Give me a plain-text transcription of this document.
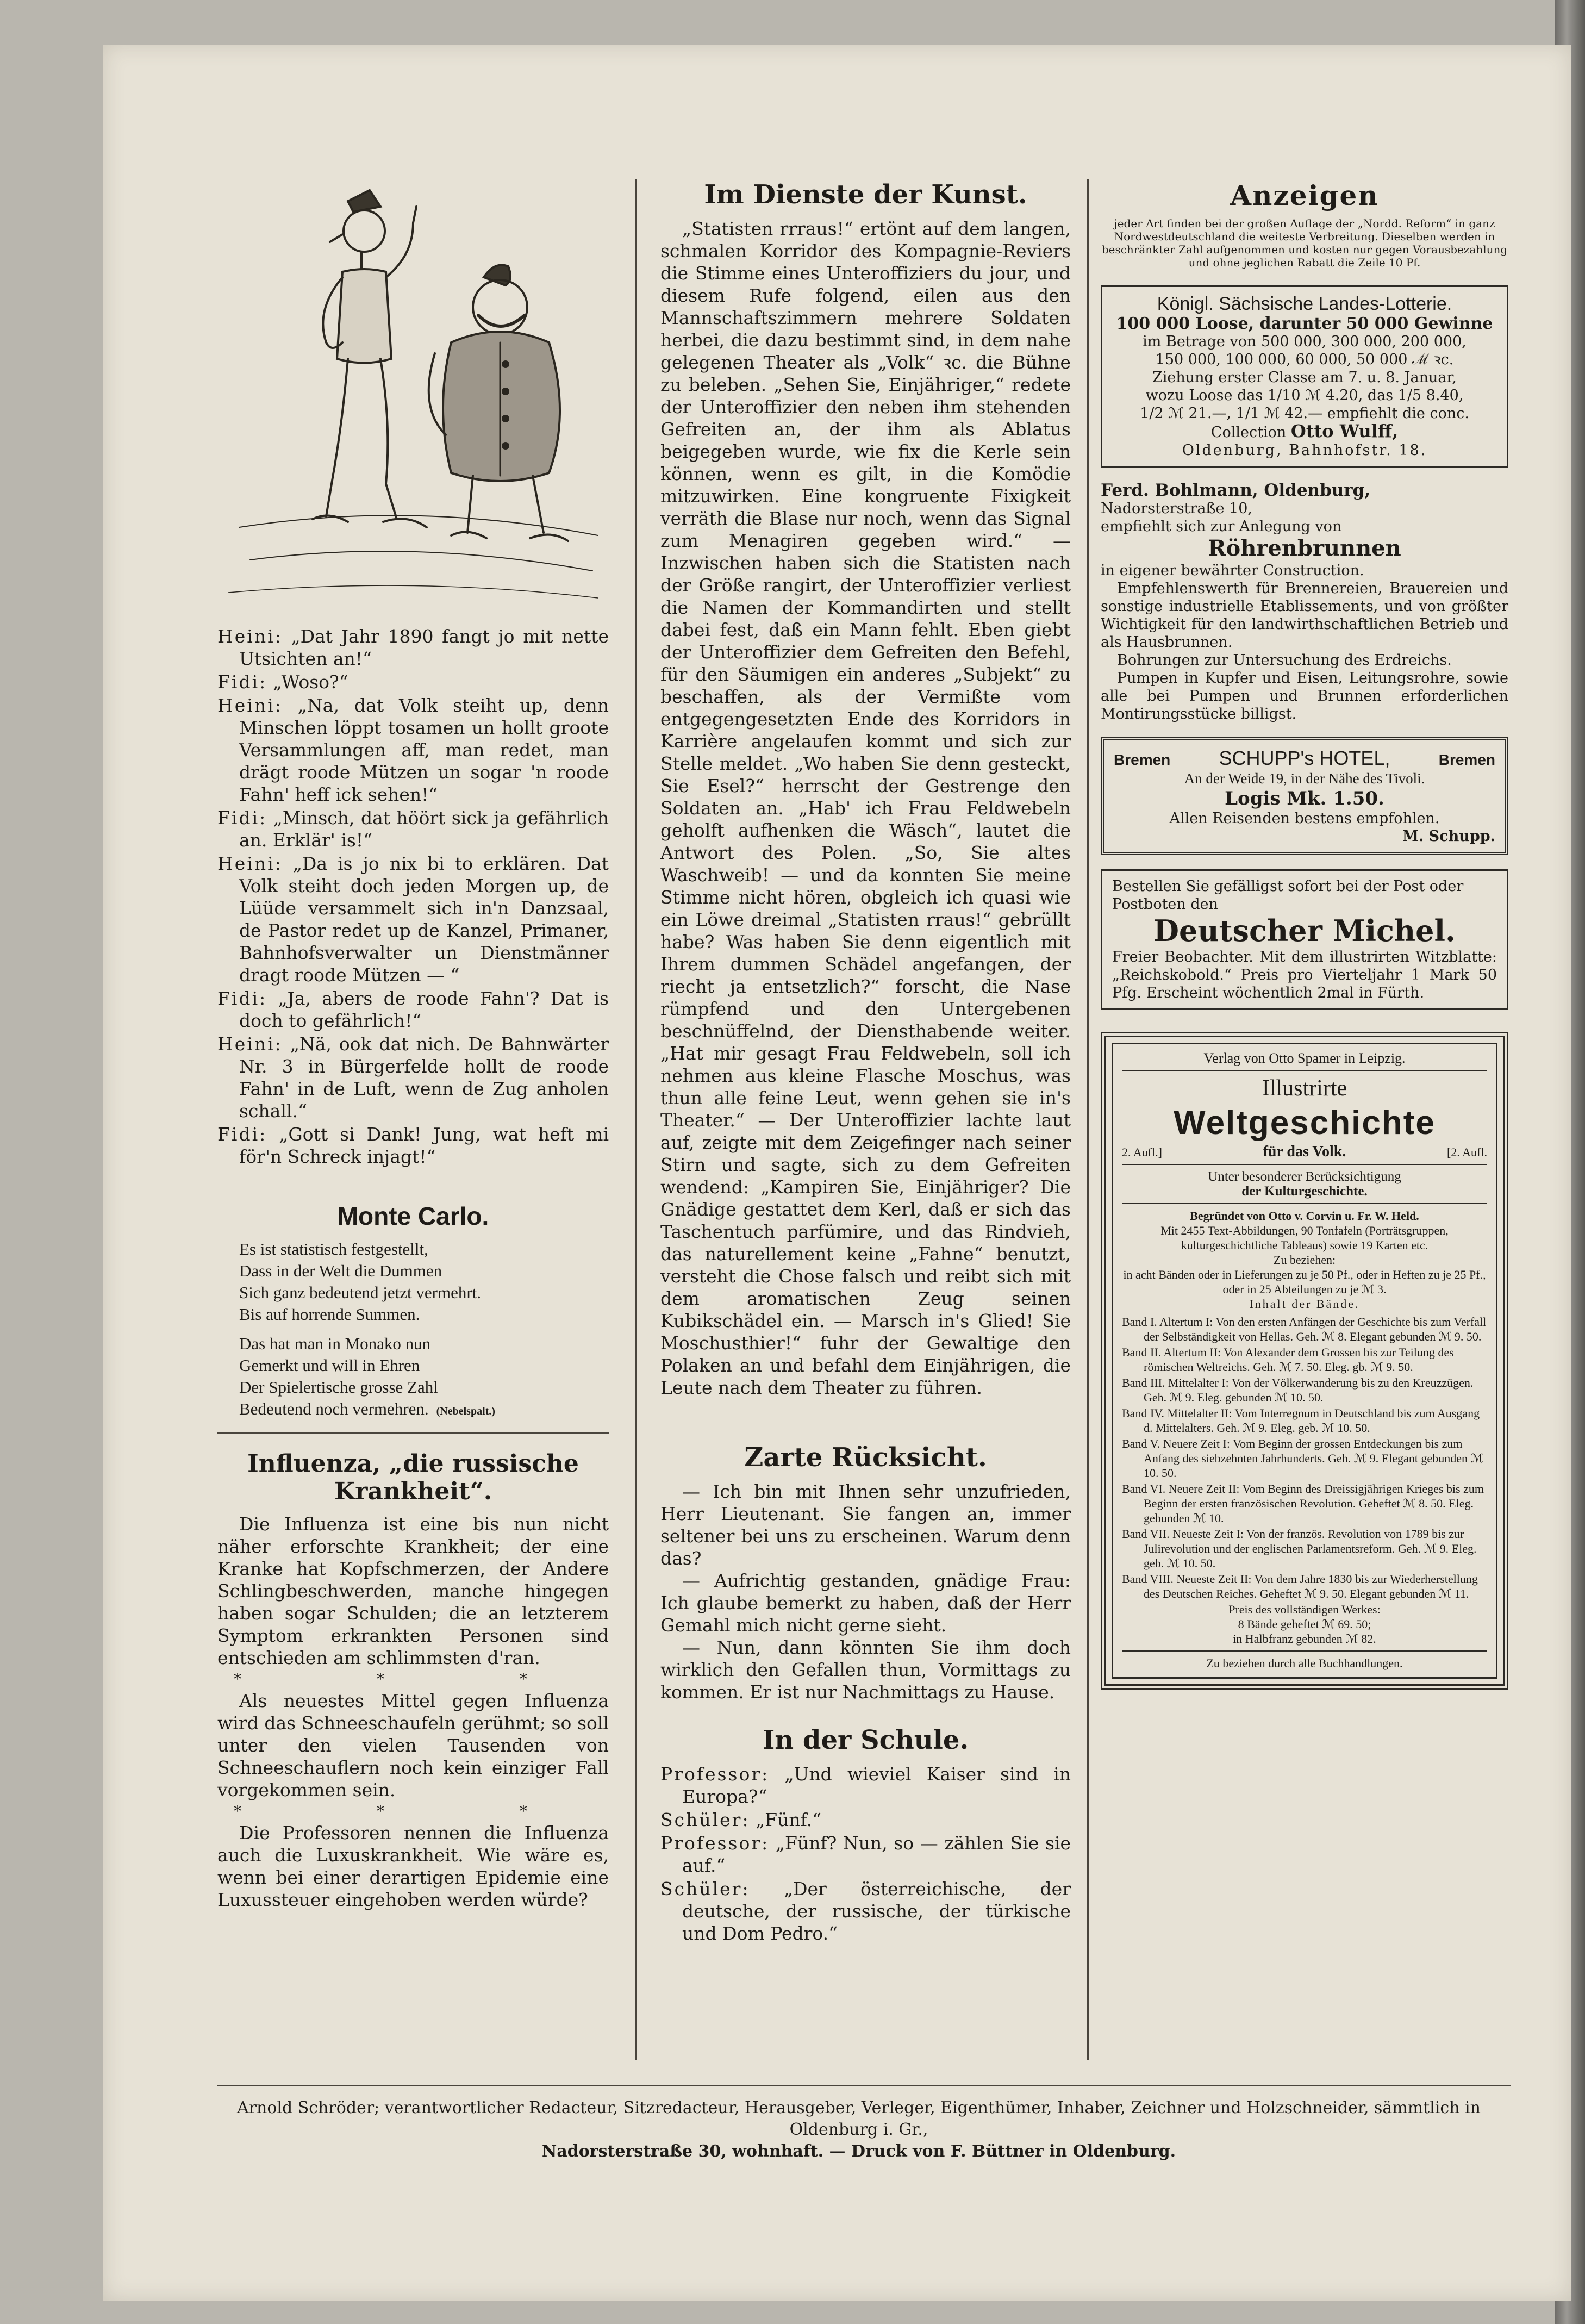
Heini: „Dat Jahr 1890 fangt jo mit nette Utsichten an!“
Fidi: „Woso?“
Heini: „Na, dat Volk steiht up, denn Minschen löppt tosamen un hollt groote Versammlungen aff, man redet, man drägt roode Mützen un sogar 'n roode Fahn' heff ick sehen!“
Fidi: „Minsch, dat höört sick ja gefährlich an. Erklär' is!“
Heini: „Da is jo nix bi to erklären. Dat Volk steiht doch jeden Morgen up, de Lüüde versammelt sich in'n Danzsaal, de Pastor redet up de Kanzel, Primaner, Bahnhofsverwalter un Dienstmänner dragt roode Mützen — “
Fidi: „Ja, abers de roode Fahn'? Dat is doch to gefährlich!“
Heini: „Nä, ook dat nich. De Bahnwärter Nr. 3 in Bürgerfelde hollt de roode Fahn' in de Luft, wenn de Zug anholen schall.“
Fidi: „Gott si Dank! Jung, wat heft mi för'n Schreck injagt!“
Monte Carlo.
Es ist statistisch festgestellt,
Dass in der Welt die Dummen
Sich ganz bedeutend jetzt vermehrt.
Bis auf horrende Summen.
Das hat man in Monako nun
Gemerkt und will in Ehren
Der Spielertische grosse Zahl
Bedeutend noch vermehren. (Nebelspalt.)
Influenza, „die russische Krankheit“.

Die Influenza ist eine bis nun nicht näher erforschte Krankheit; der eine Kranke hat Kopfschmerzen, der Andere Schlingbeschwerden, manche hingegen haben sogar Schulden; die an letzterem Symptom erkrankten Personen sind entschieden am schlimmsten d'ran.

* * *

Als neuestes Mittel gegen Influenza wird das Schneeschaufeln gerühmt; so soll unter den vielen Tausenden von Schneeschauflern noch kein einziger Fall vorgekommen sein.

* * *

Die Professoren nennen die Influenza auch die Luxuskrankheit. Wie wäre es, wenn bei einer derartigen Epidemie eine Luxussteuer eingehoben werden würde?

Im Dienste der Kunst.

„Statisten rrraus!“ ertönt auf dem langen, schmalen Korridor des Kompagnie-Reviers die Stimme eines Unteroffiziers du jour, und diesem Rufe folgend, eilen aus den Mannschaftszimmern mehrere Soldaten herbei, die dazu bestimmt sind, in dem nahe gelegenen Theater als „Volk“ ꝛc. die Bühne zu beleben. „Sehen Sie, Einjähriger,“ redete der Unteroffizier den neben ihm stehenden Gefreiten an, der ihm als Ablatus beigegeben wurde, wie fix die Kerle sein können, wenn es gilt, in die Komödie mitzuwirken. Eine kongruente Fixigkeit verräth die Blase nur noch, wenn das Signal zum Menagiren gegeben wird.“ — Inzwischen haben sich die Statisten nach der Größe rangirt, der Unteroffizier verliest die Namen der Kommandirten und stellt dabei fest, daß ein Mann fehlt. Eben giebt der Unteroffizier dem Gefreiten den Befehl, für den Säumigen ein anderes „Subjekt“ zu beschaffen, als der Vermißte vom entgegengesetzten Ende des Korridors in Karrière angelaufen kommt und sich zur Stelle meldet. „Wo haben Sie denn gesteckt, Sie Esel?“ herrscht der Gestrenge den Soldaten an. „Hab' ich Frau Feldwebeln geholft aufhenken die Wäsch“, lautet die Antwort des Polen. „So, Sie altes Waschweib! — und da konnten Sie meine Stimme nicht hören, obgleich ich quasi wie ein Löwe dreimal „Statisten rraus!“ gebrüllt habe? Was haben Sie denn eigentlich mit Ihrem dummen Schädel angefangen, der riecht ja entsetzlich?“ forscht, die Nase rümpfend und den Untergebenen beschnüffelnd, der Diensthabende weiter. „Hat mir gesagt Frau Feldwebeln, soll ich nehmen aus kleine Flasche Moschus, was thun alle feine Leut, wenn gehen sie in's Theater.“ — Der Unteroffizier lachte laut auf, zeigte mit dem Zeigefinger nach seiner Stirn und sagte, sich zu dem Gefreiten wendend: „Kampiren Sie, Einjähriger? Die Gnädige gestattet dem Kerl, daß er sich das Taschentuch parfümire, und das Rindvieh, das naturellement keine „Fahne“ benutzt, versteht die Chose falsch und reibt sich mit dem aromatischen Zeug seinen Kubikschädel ein. — Marsch in's Glied! Sie Moschusthier!“ fuhr der Gewaltige den Polaken an und befahl dem Einjährigen, die Leute nach dem Theater zu führen.

Zarte Rücksicht.

— Ich bin mit Ihnen sehr unzufrieden, Herr Lieutenant. Sie fangen an, immer seltener bei uns zu erscheinen. Warum denn das?

— Aufrichtig gestanden, gnädige Frau: Ich glaube bemerkt zu haben, daß der Herr Gemahl mich nicht gerne sieht.

— Nun, dann könnten Sie ihm doch wirklich den Gefallen thun, Vormittags zu kommen. Er ist nur Nachmittags zu Hause.

In der Schule.
Professor: „Und wieviel Kaiser sind in Europa?“
Schüler: „Fünf.“
Professor: „Fünf? Nun, so — zählen Sie sie auf.“
Schüler: „Der österreichische, der deutsche, der russische, der türkische und Dom Pedro.“
Anzeigen

jeder Art finden bei der großen Auflage der „Nordd. Reform“ in ganz Nordwestdeutschland die weiteste Verbreitung. Dieselben werden in beschränkter Zahl aufgenommen und kosten nur gegen Vorausbezahlung und ohne jeglichen Rabatt die Zeile 10 Pf.

Königl. Sächsische Landes-Lotterie.
100 000 Loose, darunter 50 000 Gewinne
im Betrage von 500 000, 300 000, 200 000,
150 000, 100 000, 60 000, 50 000 ℳ ꝛc.
Ziehung erster Classe am 7. u. 8. Januar,
wozu Loose das 1/10 ℳ 4.20, das 1/5 8.40,
1/2 ℳ 21.—, 1/1 ℳ 42.— empfiehlt die conc.
Collection Otto Wulff,
Oldenburg, Bahnhofstr. 18.
Ferd. Bohlmann, Oldenburg,
Nadorsterstraße 10,
empfiehlt sich zur Anlegung von
Röhrenbrunnen
in eigener bewährter Construction.
Empfehlenswerth für Brennereien, Brauereien und sonstige industrielle Etablissements, und von größter Wichtigkeit für den landwirthschaftlichen Betrieb und als Hausbrunnen.
Bohrungen zur Untersuchung des Erdreichs.
Pumpen in Kupfer und Eisen, Leitungsrohre, sowie alle bei Pumpen und Brunnen erforderlichen Montirungsstücke billigst.
Bremen SCHUPP's HOTEL,	Bremen
An der Weide 19, in der Nähe des Tivoli.
Logis Mk. 1.50.
Allen Reisenden bestens empfohlen.
M. Schupp.
Bestellen Sie gefälligst sofort bei der Post oder Postboten den
Deutscher Michel.
Freier Beobachter. Mit dem illustrirten Witzblatte: „Reichskobold.“ Preis pro Vierteljahr 1 Mark 50 Pfg. Erscheint wöchentlich 2mal in Fürth.
Verlag von Otto Spamer in Leipzig.
Illustrirte
Weltgeschichte
2. Aufl.]	für das Volk.	[2. Aufl.
Unter besonderer Berücksichtigung
der Kulturgeschichte.
Begründet von Otto v. Corvin u. Fr. W. Held.
Mit 2455 Text-Abbildungen, 90 Tonfafeln (Porträtsgruppen, kulturgeschichtliche Tableaus) sowie 19 Karten etc.
Zu beziehen:
in acht Bänden oder in Lieferungen zu je 50 Pf., oder in Heften zu je 25 Pf., oder in 25 Abteilungen zu je ℳ 3.
Inhalt der Bände.
Band I. Altertum I: Von den ersten Anfängen der Geschichte bis zum Verfall der Selbständigkeit von Hellas. Geh. ℳ 8. Elegant gebunden ℳ 9. 50.
Band II. Altertum II: Von Alexander dem Grossen bis zur Teilung des römischen Weltreichs. Geh. ℳ 7. 50. Eleg. gb. ℳ 9. 50.
Band III. Mittelalter I: Von der Völkerwanderung bis zu den Kreuzzügen. Geh. ℳ 9. Eleg. gebunden ℳ 10. 50.
Band IV. Mittelalter II: Vom Interregnum in Deutschland bis zum Ausgang d. Mittelalters. Geh. ℳ 9. Eleg. geb. ℳ 10. 50.
Band V. Neuere Zeit I: Vom Beginn der grossen Entdeckungen bis zum Anfang des siebzehnten Jahrhunderts. Geh. ℳ 9. Elegant gebunden ℳ 10. 50.
Band VI. Neuere Zeit II: Vom Beginn des Dreissigjährigen Krieges bis zum Beginn der ersten französischen Revolution. Geheftet ℳ 8. 50. Eleg. gebunden ℳ 10.
Band VII. Neueste Zeit I: Von der französ. Revolution von 1789 bis zur Julirevolution und der englischen Parlamentsreform. Geh. ℳ 9. Eleg. geb. ℳ 10. 50.
Band VIII. Neueste Zeit II: Von dem Jahre 1830 bis zur Wiederherstellung des Deutschen Reiches. Geheftet ℳ 9. 50. Elegant gebunden ℳ 11.
Preis des vollständigen Werkes:
8 Bände geheftet ℳ 69. 50;
in Halbfranz gebunden ℳ 82.
Zu beziehen durch alle Buchhandlungen.
Arnold Schröder; verantwortlicher Redacteur, Sitzredacteur, Herausgeber, Verleger, Eigenthümer, Inhaber, Zeichner und Holzschneider, sämmtlich in Oldenburg i. Gr.,
Nadorsterstraße 30, wohnhaft. — Druck von F. Büttner in Oldenburg.
